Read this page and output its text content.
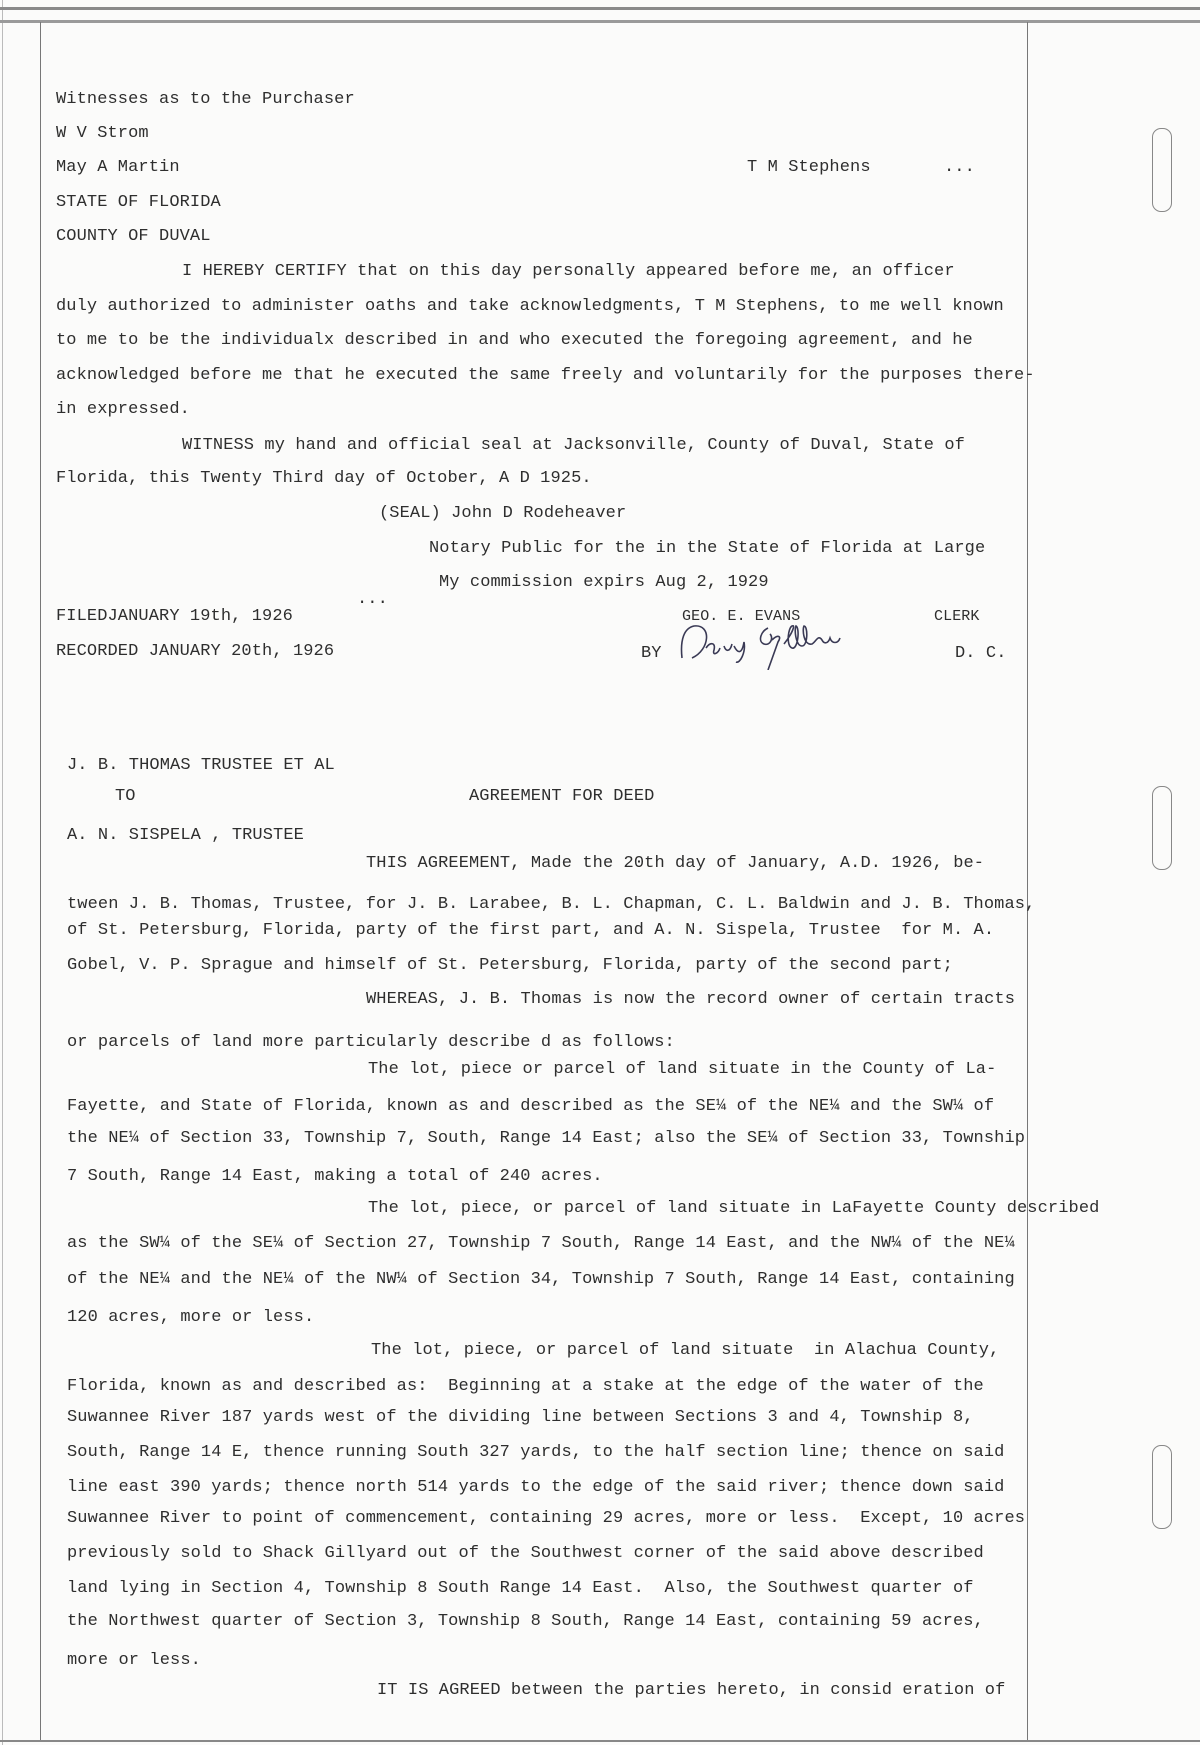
Witnesses as to the Purchaser
W V Strom
May A Martin	T M Stephens	...
STATE OF FLORIDA
COUNTY OF DUVAL
I HEREBY CERTIFY that on this day personally appeared before me, an officer
duly authorized to administer oaths and take acknowledgments, T M Stephens, to me well known
to me to be the individualx described in and who executed the foregoing agreement, and he
acknowledged before me that he executed the same freely and voluntarily for the purposes there-
in expressed.
WITNESS my hand and official seal at Jacksonville, County of Duval, State of
Florida, this Twenty Third day of October, A D 1925.
(SEAL) John D Rodeheaver
Notary Public for the in the State of Florida at Large
My commission expirs Aug 2, 1929
...
FILEDJANUARY 19th, 1926	GEO. E. EVANS	CLERK
RECORDED JANUARY 20th, 1926	BY	D. C.
J. B. THOMAS TRUSTEE ET AL
TO	AGREEMENT FOR DEED
A. N. SISPELA , TRUSTEE
THIS AGREEMENT, Made the 20th day of January, A.D. 1926, be-
tween J. B. Thomas, Trustee, for J. B. Larabee, B. L. Chapman, C. L. Baldwin and J. B. Thomas,
of St. Petersburg, Florida, party of the first part, and A. N. Sispela, Trustee  for M. A.
Gobel, V. P. Sprague and himself of St. Petersburg, Florida, party of the second part;
WHEREAS, J. B. Thomas is now the record owner of certain tracts
or parcels of land more particularly describe d as follows:
The lot, piece or parcel of land situate in the County of La-
Fayette, and State of Florida, known as and described as the SE¼ of the NE¼ and the SW¼ of
the NE¼ of Section 33, Township 7, South, Range 14 East; also the SE¼ of Section 33, Township
7 South, Range 14 East, making a total of 240 acres.
The lot, piece, or parcel of land situate in LaFayette County described
as the SW¼ of the SE¼ of Section 27, Township 7 South, Range 14 East, and the NW¼ of the NE¼
of the NE¼ and the NE¼ of the NW¼ of Section 34, Township 7 South, Range 14 East, containing
120 acres, more or less.
The lot, piece, or parcel of land situate  in Alachua County,
Florida, known as and described as:  Beginning at a stake at the edge of the water of the
Suwannee River 187 yards west of the dividing line between Sections 3 and 4, Township 8,
South, Range 14 E, thence running South 327 yards, to the half section line; thence on said
line east 390 yards; thence north 514 yards to the edge of the said river; thence down said
Suwannee River to point of commencement, containing 29 acres, more or less.  Except, 10 acres
previously sold to Shack Gillyard out of the Southwest corner of the said above described
land lying in Section 4, Township 8 South Range 14 East.  Also, the Southwest quarter of
the Northwest quarter of Section 3, Township 8 South, Range 14 East, containing 59 acres,
more or less.
IT IS AGREED between the parties hereto, in consid eration of
